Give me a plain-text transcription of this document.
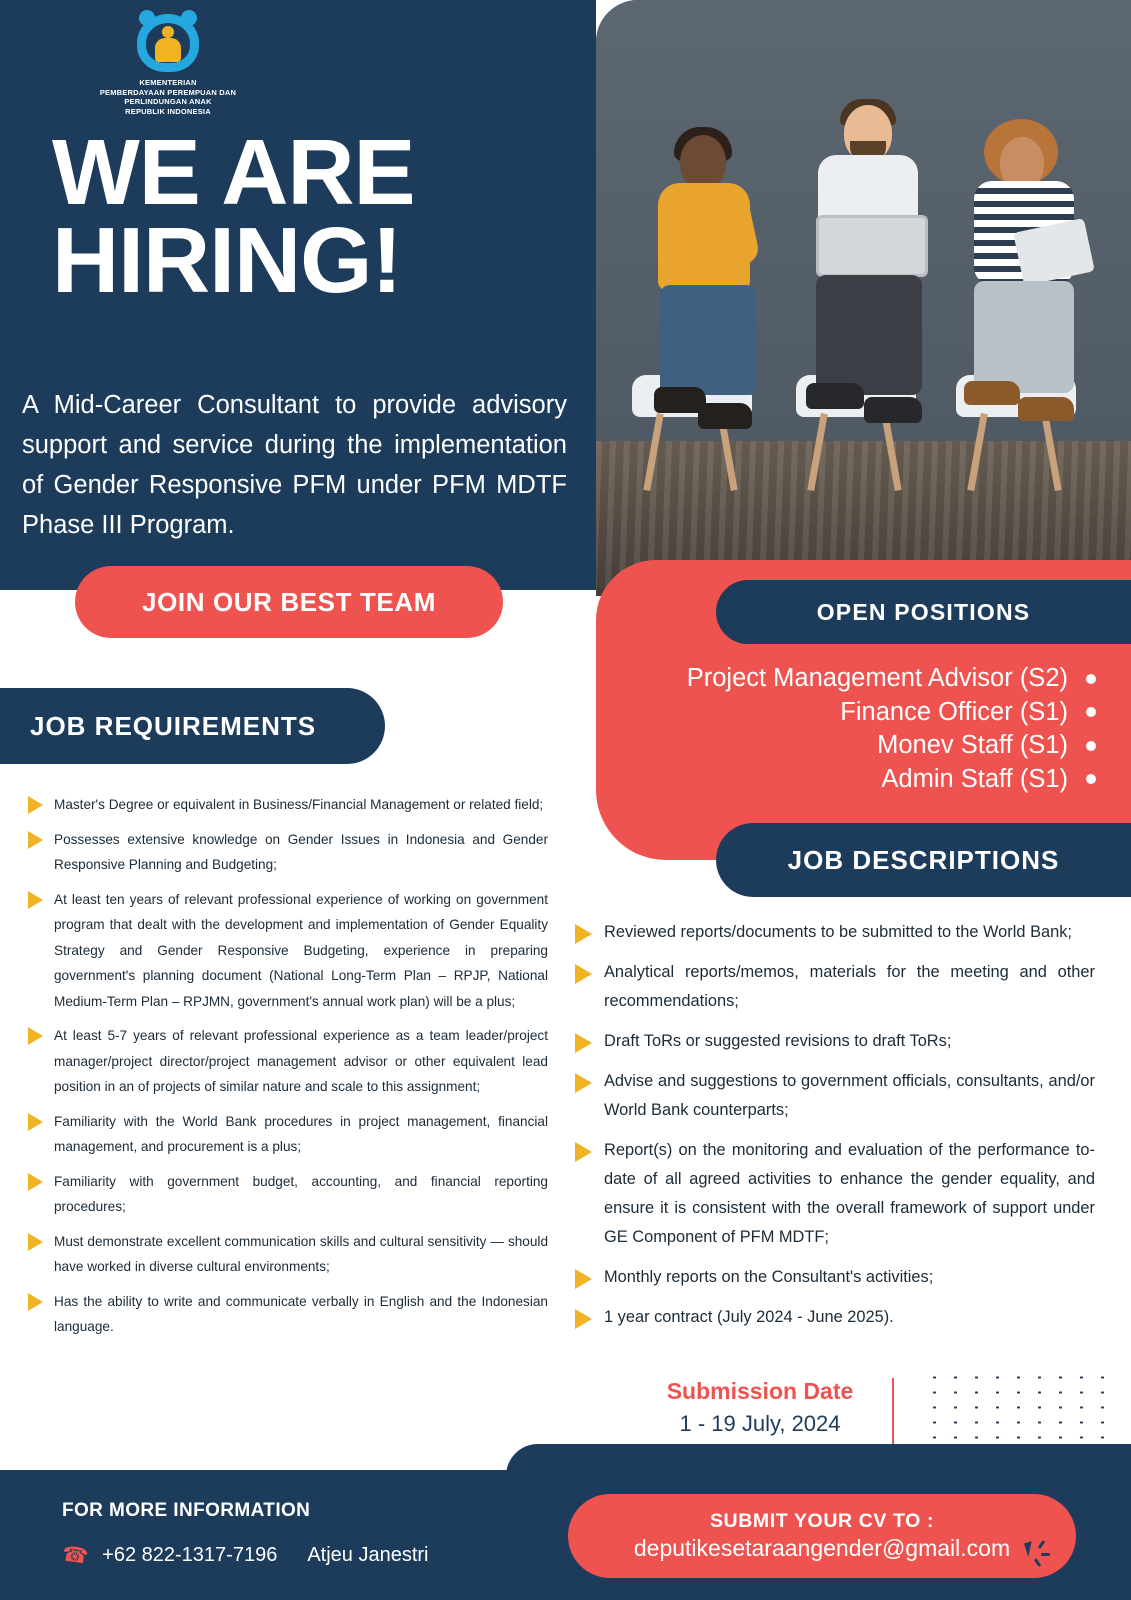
KEMENTERIAN
PEMBERDAYAAN PEREMPUAN DAN PERLINDUNGAN ANAK
REPUBLIK INDONESIA
WE ARE HIRING!
A Mid-Career Consultant to provide advisory support and service during the implementation of Gender Responsive PFM under PFM MDTF Phase III Program.
JOIN OUR BEST TEAM	OPEN POSITIONS
Project Management Advisor (S2)
Finance Officer (S1)
Monev Staff (S1)
Admin Staff (S1)
JOB REQUIREMENTS
Master's Degree or equivalent in Business/Financial Management or related field;
Possesses extensive knowledge on Gender Issues in Indonesia and Gender Responsive Planning and Budgeting;
At least ten years of relevant professional experience of working on government program that dealt with the development and implementation of Gender Equality Strategy and Gender Responsive Budgeting, experience in preparing government's planning document (National Long-Term Plan – RPJP, National Medium-Term Plan – RPJMN, government's annual work plan) will be a plus;
At least 5-7 years of relevant professional experience as a team leader/project manager/project director/project management advisor or other equivalent lead position in an of projects of similar nature and scale to this assignment;
Familiarity with the World Bank procedures in project management, financial management, and procurement is a plus;
Familiarity with government budget, accounting, and financial reporting procedures;
Must demonstrate excellent communication skills and cultural sensitivity — should have worked in diverse cultural environments;
Has the ability to write and communicate verbally in English and the Indonesian language.
JOB DESCRIPTIONS
Reviewed reports/documents to be submitted to the World Bank;
Analytical reports/memos, materials for the meeting and other recommendations;
Draft ToRs or suggested revisions to draft ToRs;
Advise and suggestions to government officials, consultants, and/or World Bank counterparts;
Report(s) on the monitoring and evaluation of the performance to-date of all agreed activities to enhance the gender equality, and ensure it is consistent with the overall framework of support under GE Component of PFM MDTF;
Monthly reports on the Consultant's activities;
1 year contract (July 2024 - June 2025).
Submission Date
1 - 19 July, 2024
FOR MORE INFORMATION
☎ +62 822-1317-7196 Atjeu Janestri
SUBMIT YOUR CV TO :
deputikesetaraangender@gmail.com
